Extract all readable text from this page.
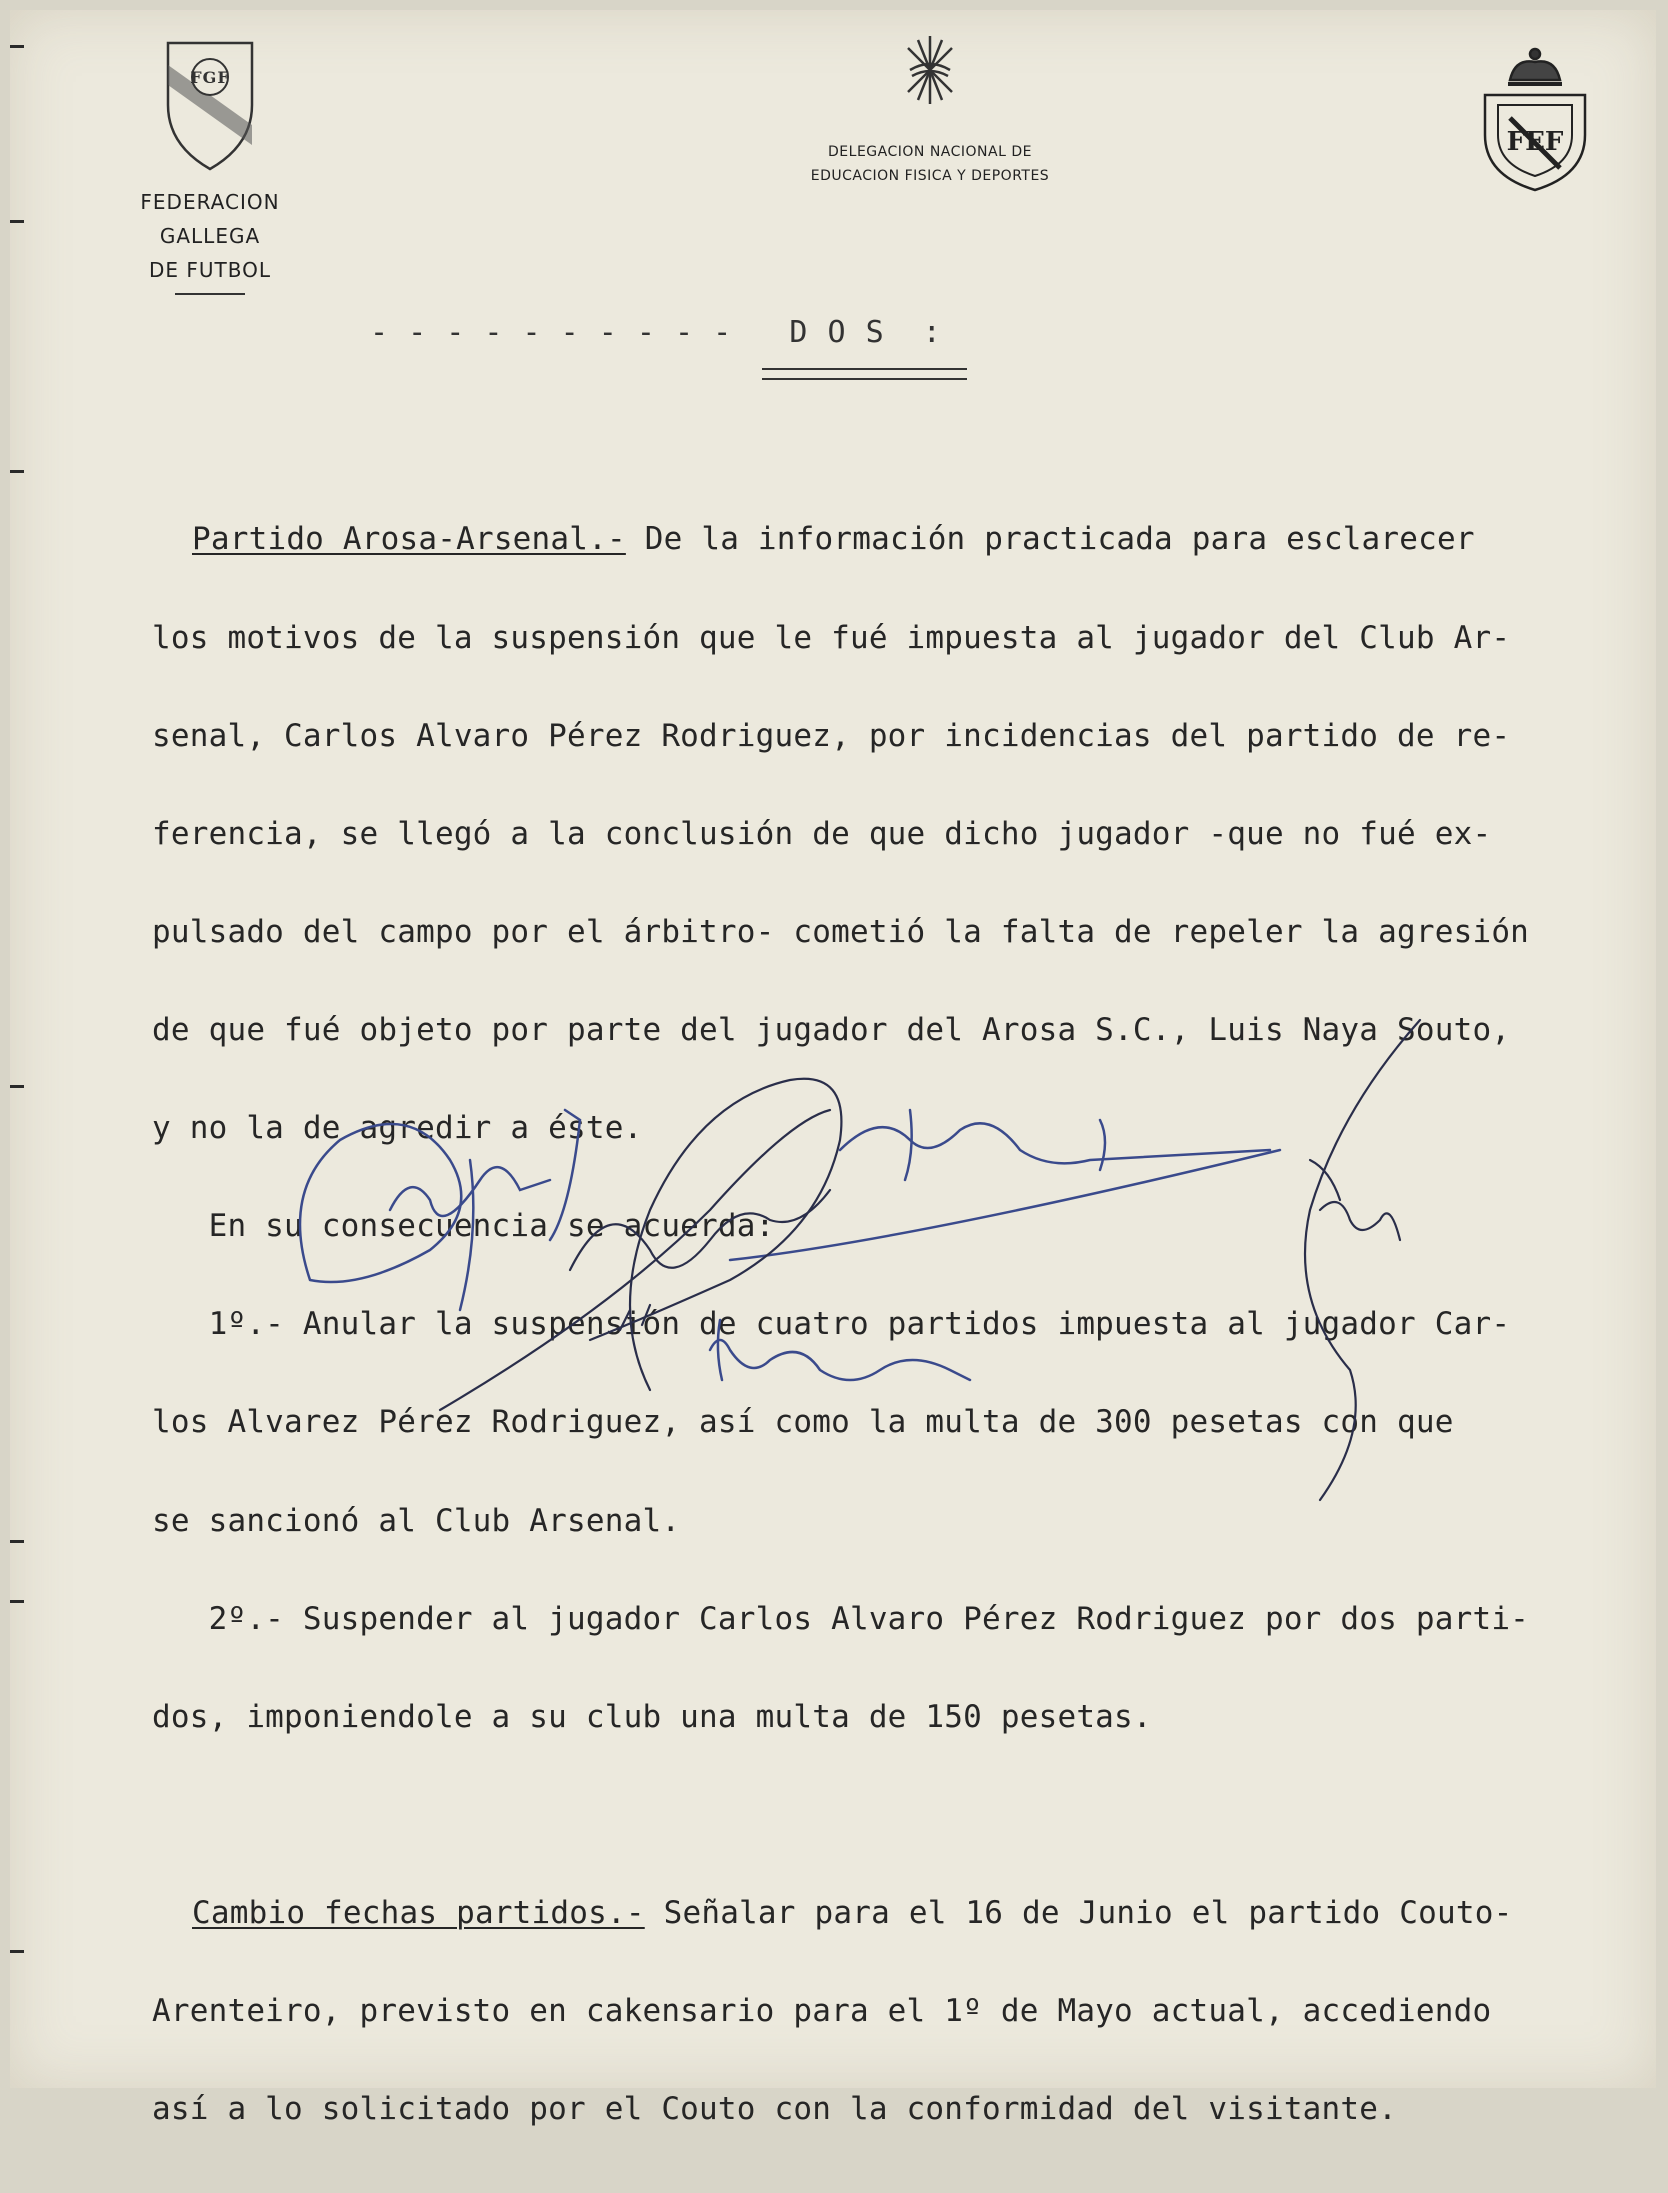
FGF
FEDERACION GALLEGA
DE FUTBOL
DELEGACION NACIONAL DE
EDUCACION FISICA Y DEPORTES
FEF
- - - - - - - - - -   D O S  :

Partido Arosa-Arsenal.- De la información practicada para esclarecer

los motivos de la suspensión que le fué impuesta al jugador del Club Ar-

senal, Carlos Alvaro Pérez Rodriguez, por incidencias del partido de re-

ferencia, se llegó a la conclusión de que dicho jugador -que no fué ex-

pulsado del campo por el árbitro- cometió la falta de repeler la agresión

de que fué objeto por parte del jugador del Arosa S.C., Luis Naya Souto,

y no la de agredir a éste.

En su consecuencia se acuerda:

1º.- Anular la suspensión de cuatro partidos impuesta al jugador Car-

los Alvarez Pérez Rodriguez, así como la multa de 300 pesetas con que

se sancionó al Club Arsenal.

2º.- Suspender al jugador Carlos Alvaro Pérez Rodriguez por dos parti-

dos, imponiendole a su club una multa de 150 pesetas.

Cambio fechas partidos.- Señalar para el 16 de Junio el partido Couto-

Arenteiro, previsto en cakensario para el 1º de Mayo actual, accediendo

así a lo solicitado por el Couto con la conformidad del visitante.
